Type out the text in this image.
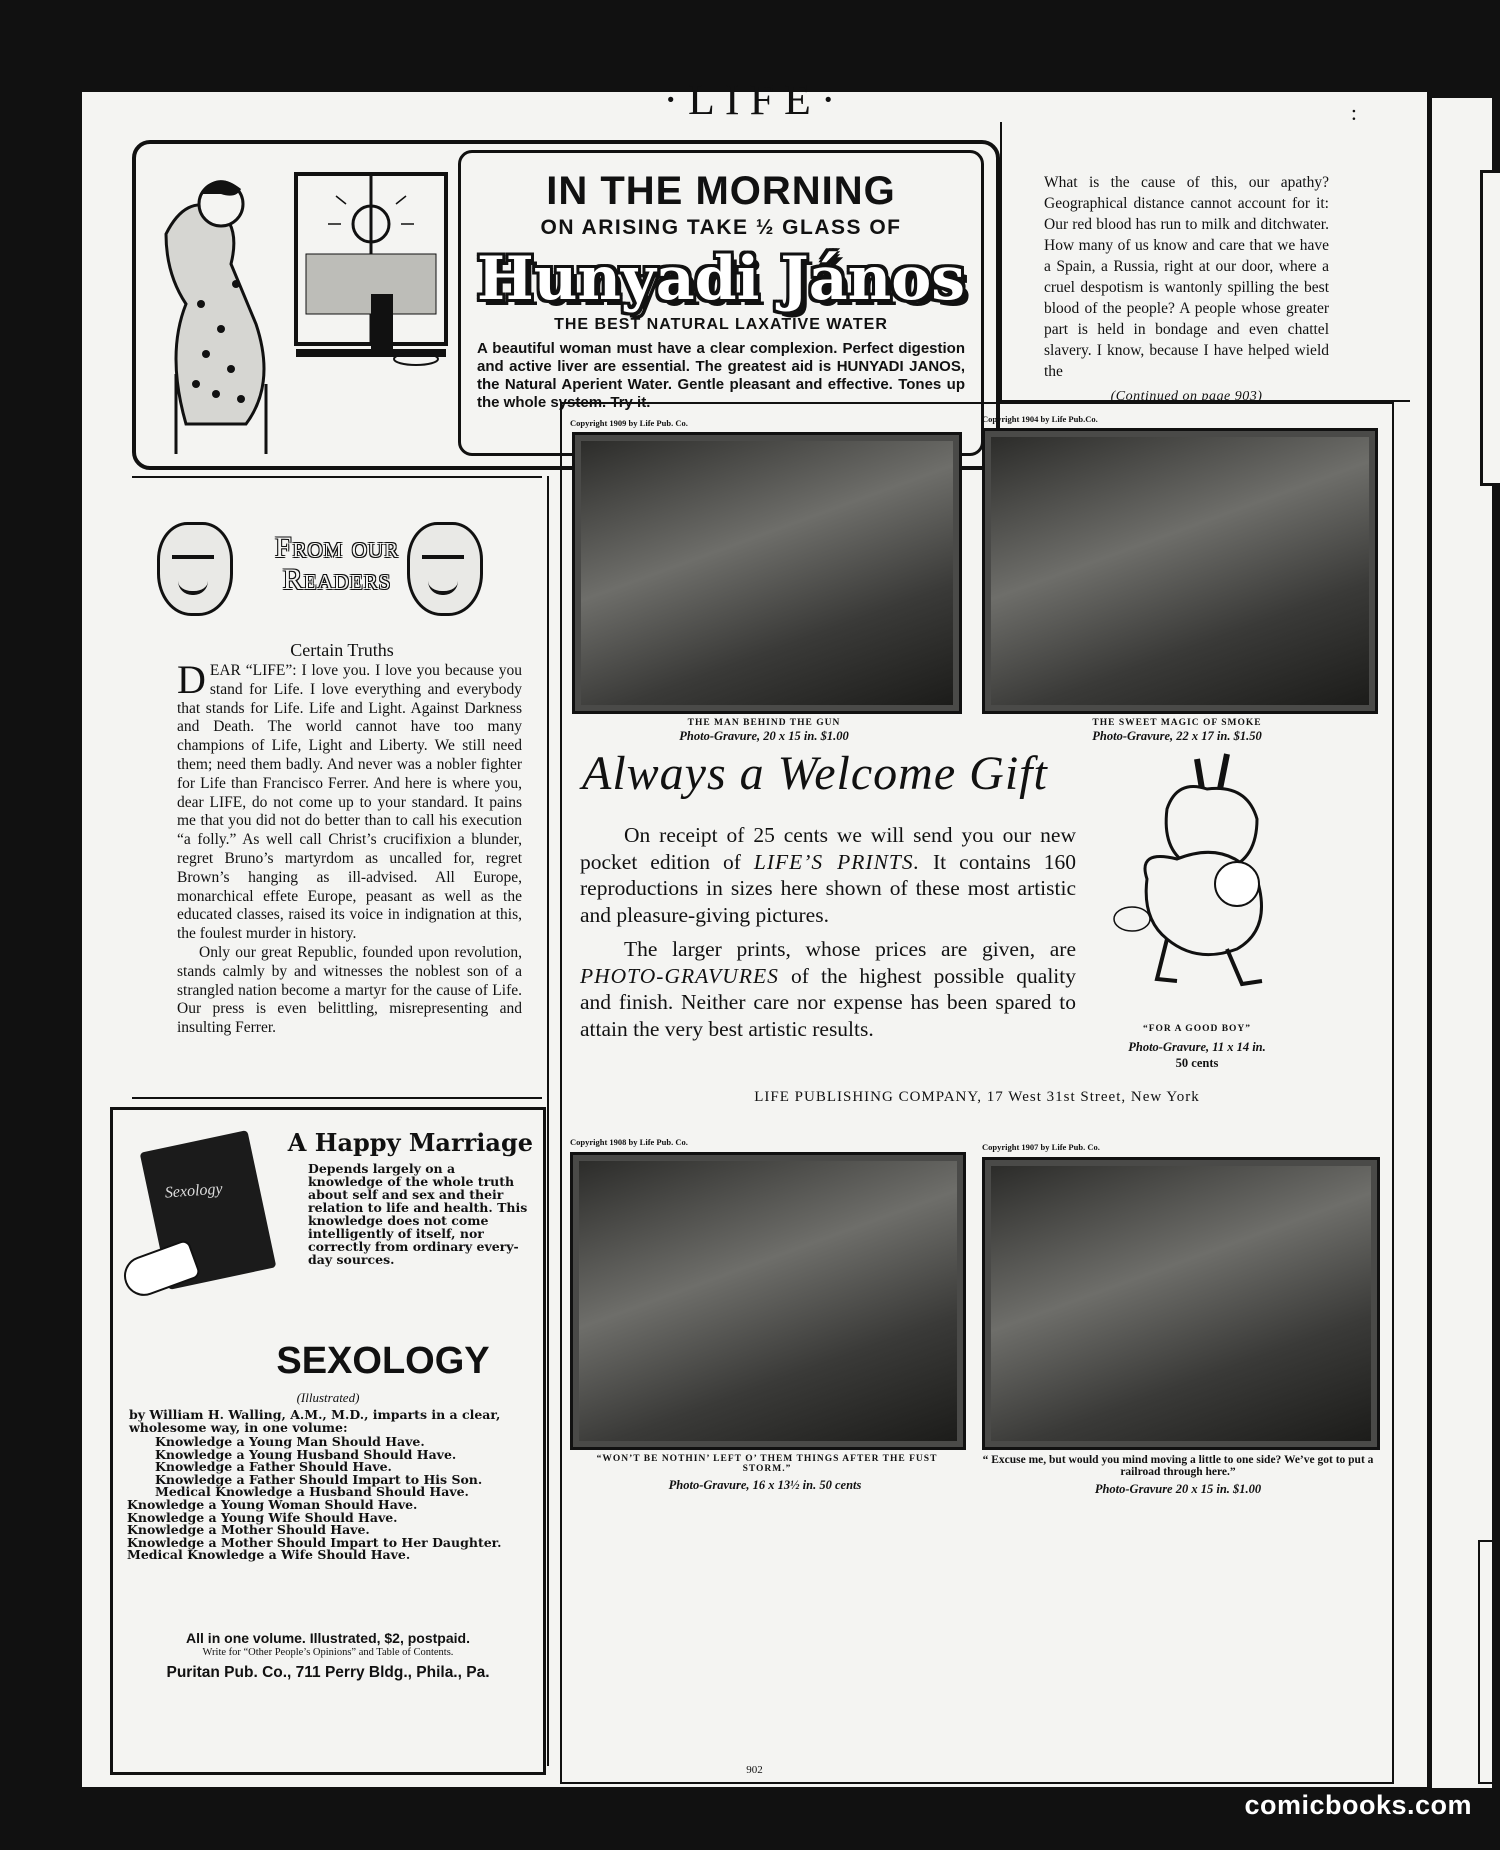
·LIFE·	:
IN THE MORNING
ON ARISING TAKE ½ GLASS OF
Hunyadi János
THE BEST NATURAL LAXATIVE WATER
A beautiful woman must have a clear complexion. Perfect digestion and active liver are essential. The greatest aid is HUNYADI JANOS, the Natural Aperient Water. Gentle pleasant and effective. Tones up the whole system. Try it.
What is the cause of this, our apathy? Geographical distance cannot account for it: Our red blood has run to milk and ditchwater. How many of us know and care that we have a Spain, a Russia, right at our door, where a cruel despotism is wantonly spilling the best blood of the people? A people whose greater part is held in bondage and even chattel slavery. I know, because I have helped wield the
(Continued on page 903)
From our Readers
Certain Truths

DEAR “LIFE”: I love you. I love you because you stand for Life. I love everything and everybody that stands for Life. Life and Light. Against Darkness and Death. The world cannot have too many champions of Life, Light and Liberty. We still need them; need them badly. And never was a nobler fighter for Life than Francisco Ferrer. And here is where you, dear LIFE, do not come up to your standard. It pains me that you did not do better than to call his execution “a folly.” As well call Christ’s crucifixion a blunder, regret Bruno’s martyrdom as uncalled for, regret Brown’s hanging as ill-advised. All Europe, monarchical effete Europe, peasant as well as the educated classes, raised its voice in indignation at this, the foulest murder in history.

Only our great Republic, founded upon revolution, stands calmly by and witnesses the noblest son of a strangled nation become a martyr for the cause of Life. Our press is even belittling, misrepresenting and insulting Ferrer.

Sexology
A Happy Marriage
Depends largely on a knowledge of the whole truth about self and sex and their relation to life and health. This knowledge does not come intelligently of itself, nor correctly from ordinary every-day sources.
SEXOLOGY
(Illustrated)
by William H. Walling, A.M., M.D., imparts in a clear, wholesome way, in one volume:
Knowledge a Young Man Should Have.
Knowledge a Young Husband Should Have.
Knowledge a Father Should Have.
Knowledge a Father Should Impart to His Son.
Medical Knowledge a Husband Should Have.
Knowledge a Young Woman Should Have.
Knowledge a Young Wife Should Have.
Knowledge a Mother Should Have.
Knowledge a Mother Should Impart to Her Daughter.
Medical Knowledge a Wife Should Have.
All in one volume. Illustrated, $2, postpaid.
Write for “Other People’s Opinions” and Table of Contents.
Puritan Pub. Co., 711 Perry Bldg., Phila., Pa.
Copyright 1909 by Life Pub. Co.
THE MAN BEHIND THE GUN
Photo-Gravure, 20 x 15 in. $1.00
Copyright 1904 by Life Pub.Co.
THE SWEET MAGIC OF SMOKE
Photo-Gravure, 22 x 17 in. $1.50
Always a Welcome Gift

On receipt of 25 cents we will send you our new pocket edition of LIFE’S PRINTS. It contains 160 reproductions in sizes here shown of these most artistic and pleasure-giving pictures.

The larger prints, whose prices are given, are PHOTO-GRAVURES of the highest possible quality and finish. Neither care nor expense has been spared to attain the very best artistic results.	“FOR A GOOD BOY”
Photo-Gravure, 11 x 14 in.
50 cents
LIFE PUBLISHING COMPANY, 17 West 31st Street, New York
Copyright 1908 by Life Pub. Co.
“WON’T BE NOTHIN’ LEFT O’ THEM THINGS AFTER THE FUST STORM.”
Photo-Gravure, 16 x 13½ in. 50 cents
Copyright 1907 by Life Pub. Co.
“ Excuse me, but would you mind moving a little to one side? We’ve got to put a railroad through here.”
Photo-Gravure 20 x 15 in. $1.00
902
comicbooks.com
